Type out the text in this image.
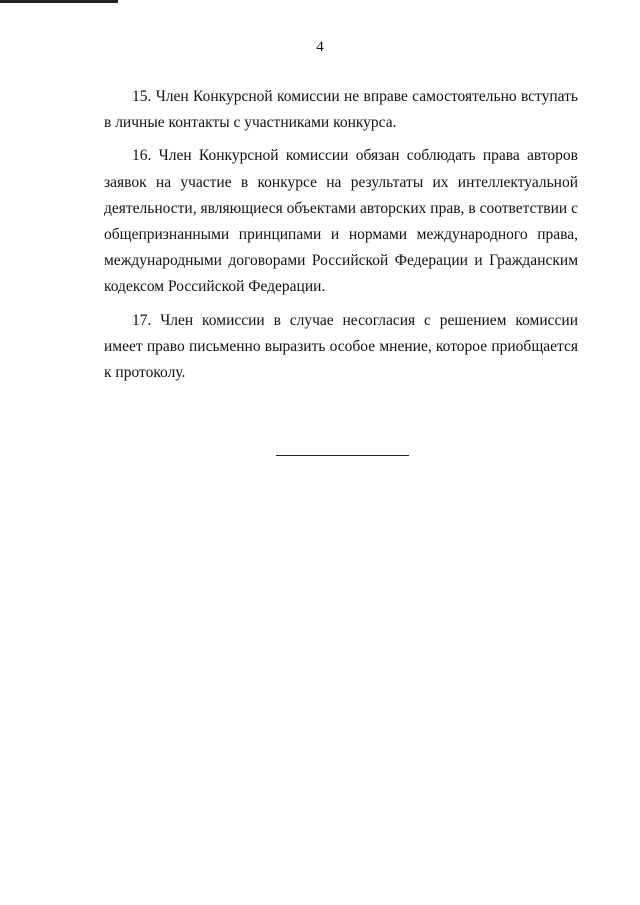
4

15. Член Конкурсной комиссии не вправе самостоятельно вступать в личные контакты с участниками конкурса.

16. Член Конкурсной комиссии обязан соблюдать права авторов заявок на участие в конкурсе на результаты их интеллектуальной деятельности, являющиеся объектами авторских прав, в соответствии с общепризнанными принципами и нормами международного права, международными договорами Российской Федерации и Гражданским кодексом Российской Федерации.

17. Член комиссии в случае несогласия с решением комиссии имеет право письменно выразить особое мнение, которое приобщается к протоколу.
